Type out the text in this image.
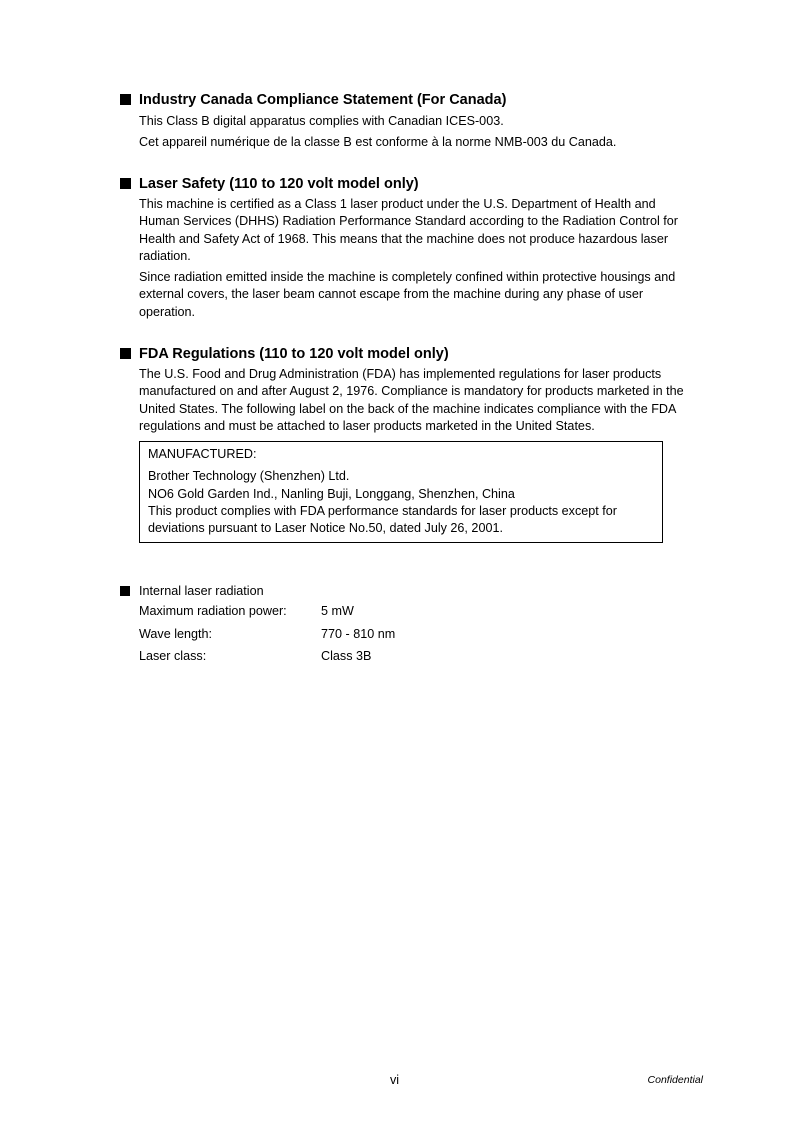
Industry Canada Compliance Statement (For Canada)
This Class B digital apparatus complies with Canadian ICES-003.
Cet appareil numérique de la classe B est conforme à la norme NMB-003 du Canada.
Laser Safety (110 to 120 volt model only)
This machine is certified as a Class 1 laser product under the U.S. Department of Health and Human Services (DHHS) Radiation Performance Standard according to the Radiation Control for Health and Safety Act of 1968. This means that the machine does not produce hazardous laser radiation.
Since radiation emitted inside the machine is completely confined within protective housings and external covers, the laser beam cannot escape from the machine during any phase of user operation.
FDA Regulations (110 to 120 volt model only)
The U.S. Food and Drug Administration (FDA) has implemented regulations for laser products manufactured on and after August 2, 1976. Compliance is mandatory for products marketed in the United States. The following label on the back of the machine indicates compliance with the FDA regulations and must be attached to laser products marketed in the United States.
MANUFACTURED:
Brother Technology (Shenzhen) Ltd.
NO6 Gold Garden Ind., Nanling Buji, Longgang, Shenzhen, China
This product complies with FDA performance standards for laser products except for deviations pursuant to Laser Notice No.50, dated July 26, 2001.
Internal laser radiation
Maximum radiation power:	5 mW
Wave length:	770 - 810 nm
Laser class:	Class 3B
vi	Confidential
